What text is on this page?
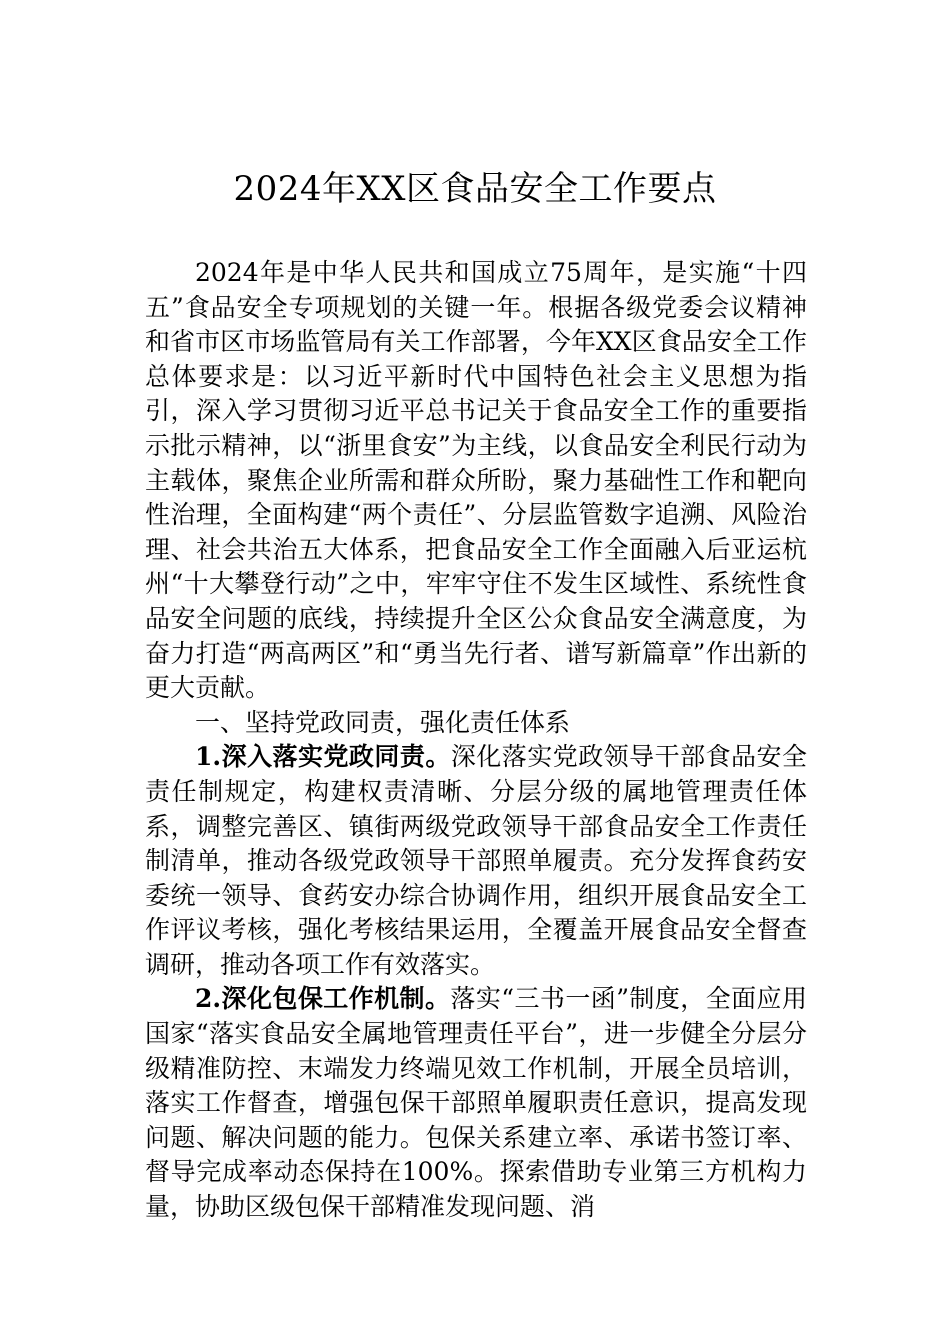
2024年XX区食品安全工作要点

2024年是中华人民共和国成立75周年，是实施“十四五”食品安全专项规划的关键一年。根据各级党委会议精神和省市区市场监管局有关工作部署，今年XX区食品安全工作总体要求是：以习近平新时代中国特色社会主义思想为指引，深入学习贯彻习近平总书记关于食品安全工作的重要指示批示精神，以“浙里食安”为主线，以食品安全利民行动为主载体，聚焦企业所需和群众所盼，聚力基础性工作和靶向性治理，全面构建“两个责任”、分层监管数字追溯、风险治理、社会共治五大体系，把食品安全工作全面融入后亚运杭州“十大攀登行动”之中，牢牢守住不发生区域性、系统性食品安全问题的底线，持续提升全区公众食品安全满意度，为奋力打造“两高两区”和“勇当先行者、谱写新篇章”作出新的更大贡献。

一、坚持党政同责，强化责任体系

1.深入落实党政同责。深化落实党政领导干部食品安全责任制规定，构建权责清晰、分层分级的属地管理责任体系，调整完善区、镇街两级党政领导干部食品安全工作责任制清单，推动各级党政领导干部照单履责。充分发挥食药安委统一领导、食药安办综合协调作用，组织开展食品安全工作评议考核，强化考核结果运用，全覆盖开展食品安全督查调研，推动各项工作有效落实。

2.深化包保工作机制。落实“三书一函”制度，全面应用国家“落实食品安全属地管理责任平台”，进一步健全分层分级精准防控、末端发力终端见效工作机制，开展全员培训，落实工作督查，增强包保干部照单履职责任意识，提高发现问题、解决问题的能力。包保关系建立率、承诺书签订率、督导完成率动态保持在100%。探索借助专业第三方机构力量，协助区级包保干部精准发现问题、消
